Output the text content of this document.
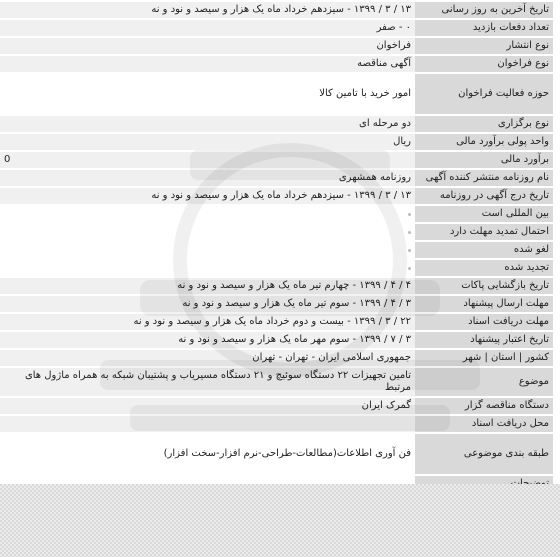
تاریخ آخرین به روز رسانی	۱۳ / ۳ / ۱۳۹۹ - سیزدهم خرداد ماه یک هزار و سیصد و نود و نه
تعداد دفعات بازدید	۰ - صفر
نوع انتشار	فراخوان
نوع فراخوان	آگهی مناقصه
حوزه فعالیت فراخوان	امور خرید با تامین کالا
نوع برگزاری	دو مرحله ای
واحد پولی برآورد مالی	ریال
برآورد مالی	0
نام روزنامه منتشر کننده آگهی	روزنامه همشهری
تاریخ درج آگهی در روزنامه	۱۳ / ۳ / ۱۳۹۹ - سیزدهم خرداد ماه یک هزار و سیصد و نود و نه
بین المللی است	
احتمال تمدید مهلت دارد	
لغو شده	
تجدید شده	
تاریخ بازگشایی پاکات	۴ / ۴ / ۱۳۹۹ - چهارم تیر ماه یک هزار و سیصد و نود و نه
مهلت ارسال پیشنهاد	۳ / ۴ / ۱۳۹۹ - سوم تیر ماه یک هزار و سیصد و نود و نه
مهلت دریافت اسناد	۲۲ / ۳ / ۱۳۹۹ - بیست و دوم خرداد ماه یک هزار و سیصد و نود و نه
تاریخ اعتبار پیشنهاد	۳ / ۷ / ۱۳۹۹ - سوم مهر ماه یک هزار و سیصد و نود و نه
کشور | استان | شهر	جمهوری اسلامی ایران - تهران - تهران
موضوع	تامین تجهیزات ۲۲ دستگاه سوئیچ و ۲۱ دستگاه مسیریاب و پشتیبان شبکه به همراه ماژول های مرتبط
دستگاه مناقصه گزار	گمرک ایران
محل دریافت اسناد	
طبقه بندی موضوعی	فن آوری اطلاعات(مطالعات-طراحی-نرم افزار-سخت افزار)
